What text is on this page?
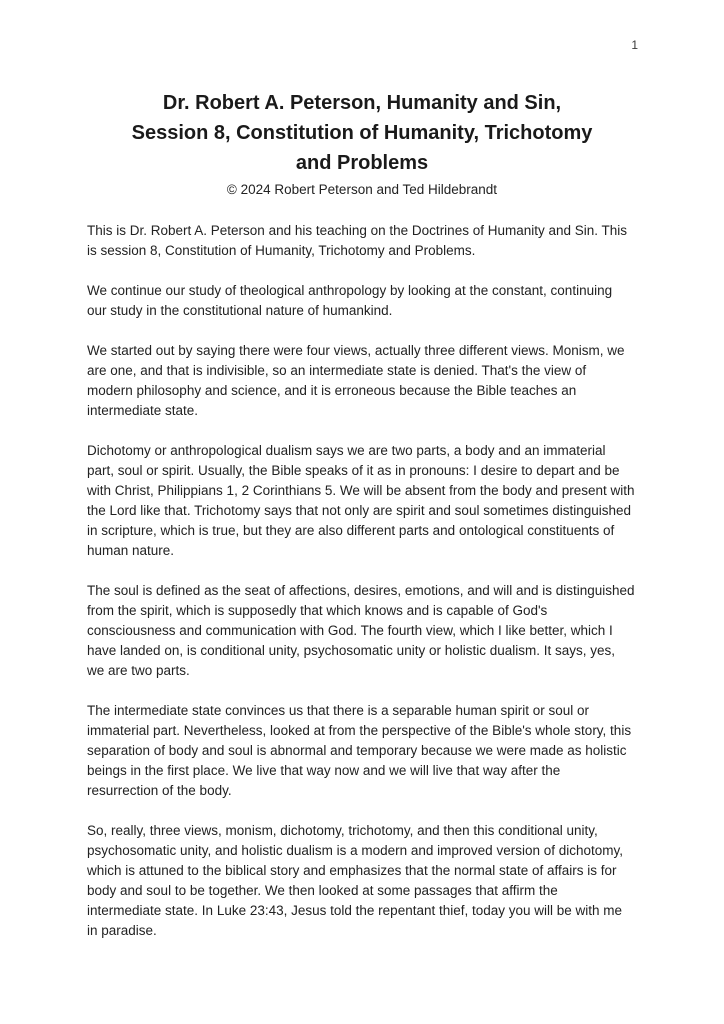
1
Dr. Robert A. Peterson, Humanity and Sin,
Session 8, Constitution of Humanity, Trichotomy
and Problems
© 2024 Robert Peterson and Ted Hildebrandt

This is Dr. Robert A. Peterson and his teaching on the Doctrines of Humanity and Sin. This is session 8, Constitution of Humanity, Trichotomy and Problems.

We continue our study of theological anthropology by looking at the constant, continuing our study in the constitutional nature of humankind.

We started out by saying there were four views, actually three different views. Monism, we are one, and that is indivisible, so an intermediate state is denied. That's the view of modern philosophy and science, and it is erroneous because the Bible teaches an intermediate state.

Dichotomy or anthropological dualism says we are two parts, a body and an immaterial part, soul or spirit. Usually, the Bible speaks of it as in pronouns: I desire to depart and be with Christ, Philippians 1, 2 Corinthians 5. We will be absent from the body and present with the Lord like that. Trichotomy says that not only are spirit and soul sometimes distinguished in scripture, which is true, but they are also different parts and ontological constituents of human nature.

The soul is defined as the seat of affections, desires, emotions, and will and is distinguished from the spirit, which is supposedly that which knows and is capable of God's consciousness and communication with God. The fourth view, which I like better, which I have landed on, is conditional unity, psychosomatic unity or holistic dualism. It says, yes, we are two parts.

The intermediate state convinces us that there is a separable human spirit or soul or immaterial part. Nevertheless, looked at from the perspective of the Bible's whole story, this separation of body and soul is abnormal and temporary because we were made as holistic beings in the first place. We live that way now and we will live that way after the resurrection of the body.

So, really, three views, monism, dichotomy, trichotomy, and then this conditional unity, psychosomatic unity, and holistic dualism is a modern and improved version of dichotomy, which is attuned to the biblical story and emphasizes that the normal state of affairs is for body and soul to be together. We then looked at some passages that affirm the intermediate state. In Luke 23:43, Jesus told the repentant thief, today you will be with me in paradise.
